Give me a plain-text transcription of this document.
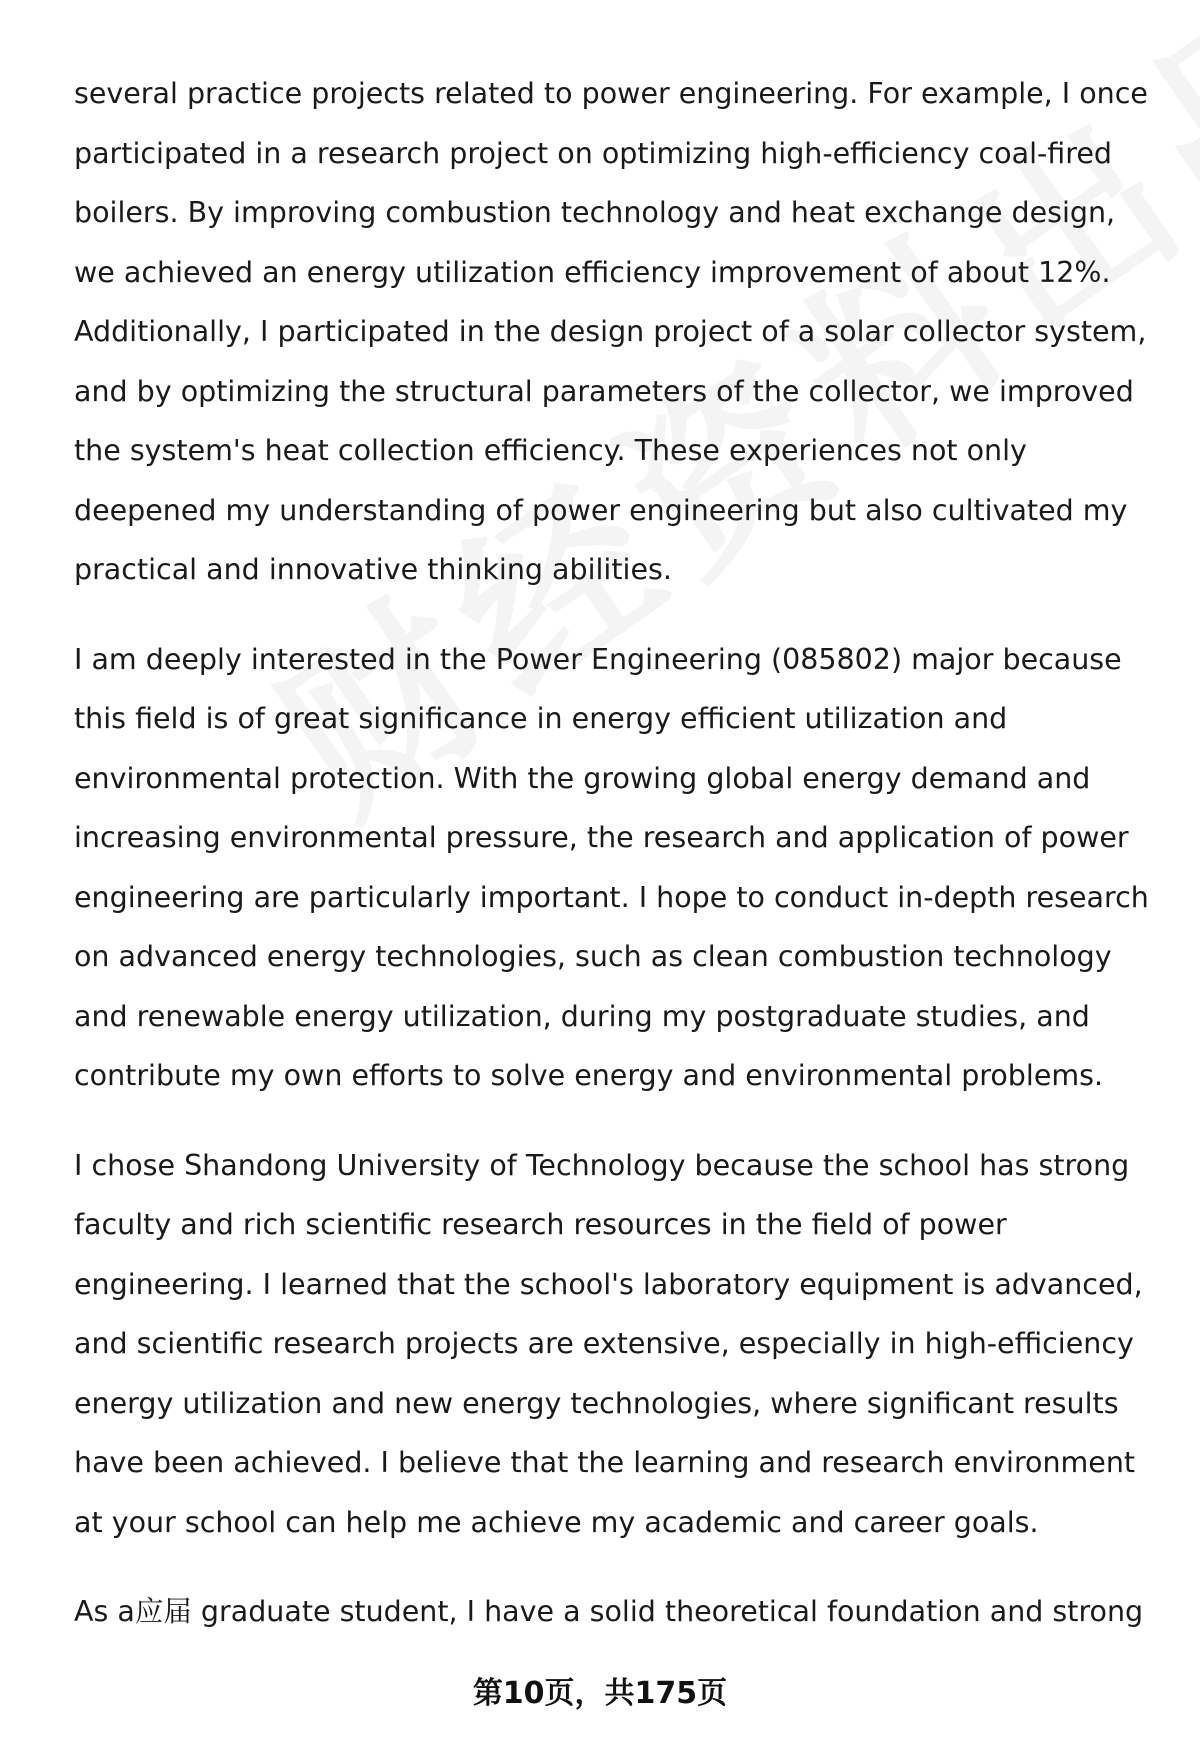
several practice projects related to power engineering. For example, I once participated in a research project on optimizing high-efficiency coal-fired boilers. By improving combustion technology and heat exchange design, we achieved an energy utilization efficiency improvement of about 12%. Additionally, I participated in the design project of a solar collector system, and by optimizing the structural parameters of the collector, we improved the system's heat collection efficiency. These experiences not only deepened my understanding of power engineering but also cultivated my practical and innovative thinking abilities.

I am deeply interested in the Power Engineering (085802) major because this field is of great significance in energy efficient utilization and environmental protection. With the growing global energy demand and increasing environmental pressure, the research and application of power engineering are particularly important. I hope to conduct in-depth research on advanced energy technologies, such as clean combustion technology and renewable energy utilization, during my postgraduate studies, and contribute my own efforts to solve energy and environmental problems.

I chose Shandong University of Technology because the school has strong faculty and rich scientific research resources in the field of power engineering. I learned that the school's laboratory equipment is advanced, and scientific research projects are extensive, especially in high-efficiency energy utilization and new energy technologies, where significant results have been achieved. I believe that the learning and research environment at your school can help me achieve my academic and career goals.

As a应届 graduate student, I have a solid theoretical foundation and strong

第10页，共175页
